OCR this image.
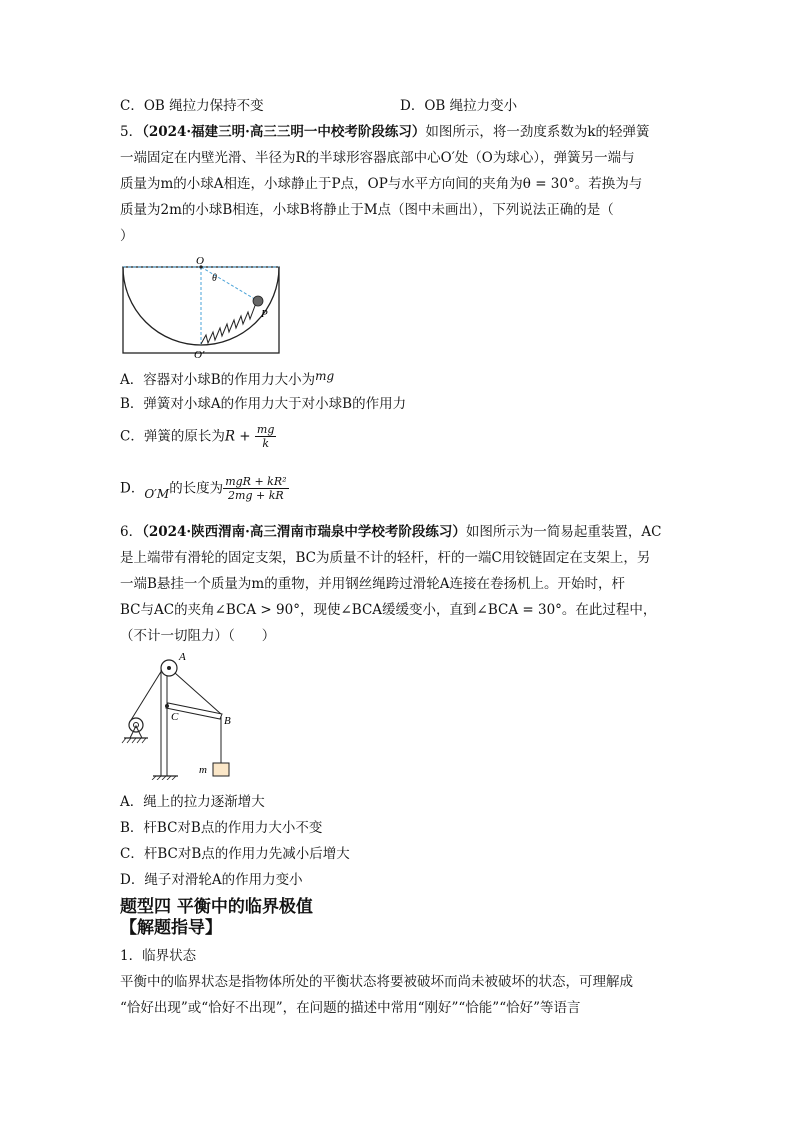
C．OB 绳拉力保持不变	D．OB 绳拉力变小
5．（2024·福建三明·高三三明一中校考阶段练习）如图所示，将一劲度系数为k的轻弹簧
一端固定在内壁光滑、半径为R的半球形容器底部中心O′处（O为球心），弹簧另一端与
质量为m的小球A相连，小球静止于P点，OP与水平方向间的夹角为θ = 30°。若换为与
质量为2m的小球B相连，小球B将静止于M点（图中未画出），下列说法正确的是（
）
O
θ
P
O′
A．容器对小球B的作用力大小为mg
B．弹簧对小球A的作用力大于对小球B的作用力
C．弹簧的原长为$R + \frac{mg}{k}$
D．O′M的长度为 $\frac{\text{mgR + kR²}}{2mg + kR}$
6．（2024·陕西渭南·高三渭南市瑞泉中学校考阶段练习）如图所示为一简易起重装置，AC
是上端带有滑轮的固定支架，BC为质量不计的轻杆，杆的一端C用铰链固定在支架上，另
一端B悬挂一个质量为m的重物，并用钢丝绳跨过滑轮A连接在卷扬机上。开始时，杆
BC与AC的夹角∠BCA > 90°，现使∠BCA缓缓变小，直到∠BCA = 30°。在此过程中，
（不计一切阻力）（　　）
A
C	B
m
A．绳上的拉力逐渐增大
B．杆BC对B点的作用力大小不变
C．杆BC对B点的作用力先减小后增大
D．绳子对滑轮A的作用力变小
题型四 平衡中的临界极值
【解题指导】
1．临界状态
平衡中的临界状态是指物体所处的平衡状态将要被破坏而尚未被破坏的状态，可理解成
“恰好出现”或“恰好不出现”，在问题的描述中常用“刚好”“恰能”“恰好”等语言
